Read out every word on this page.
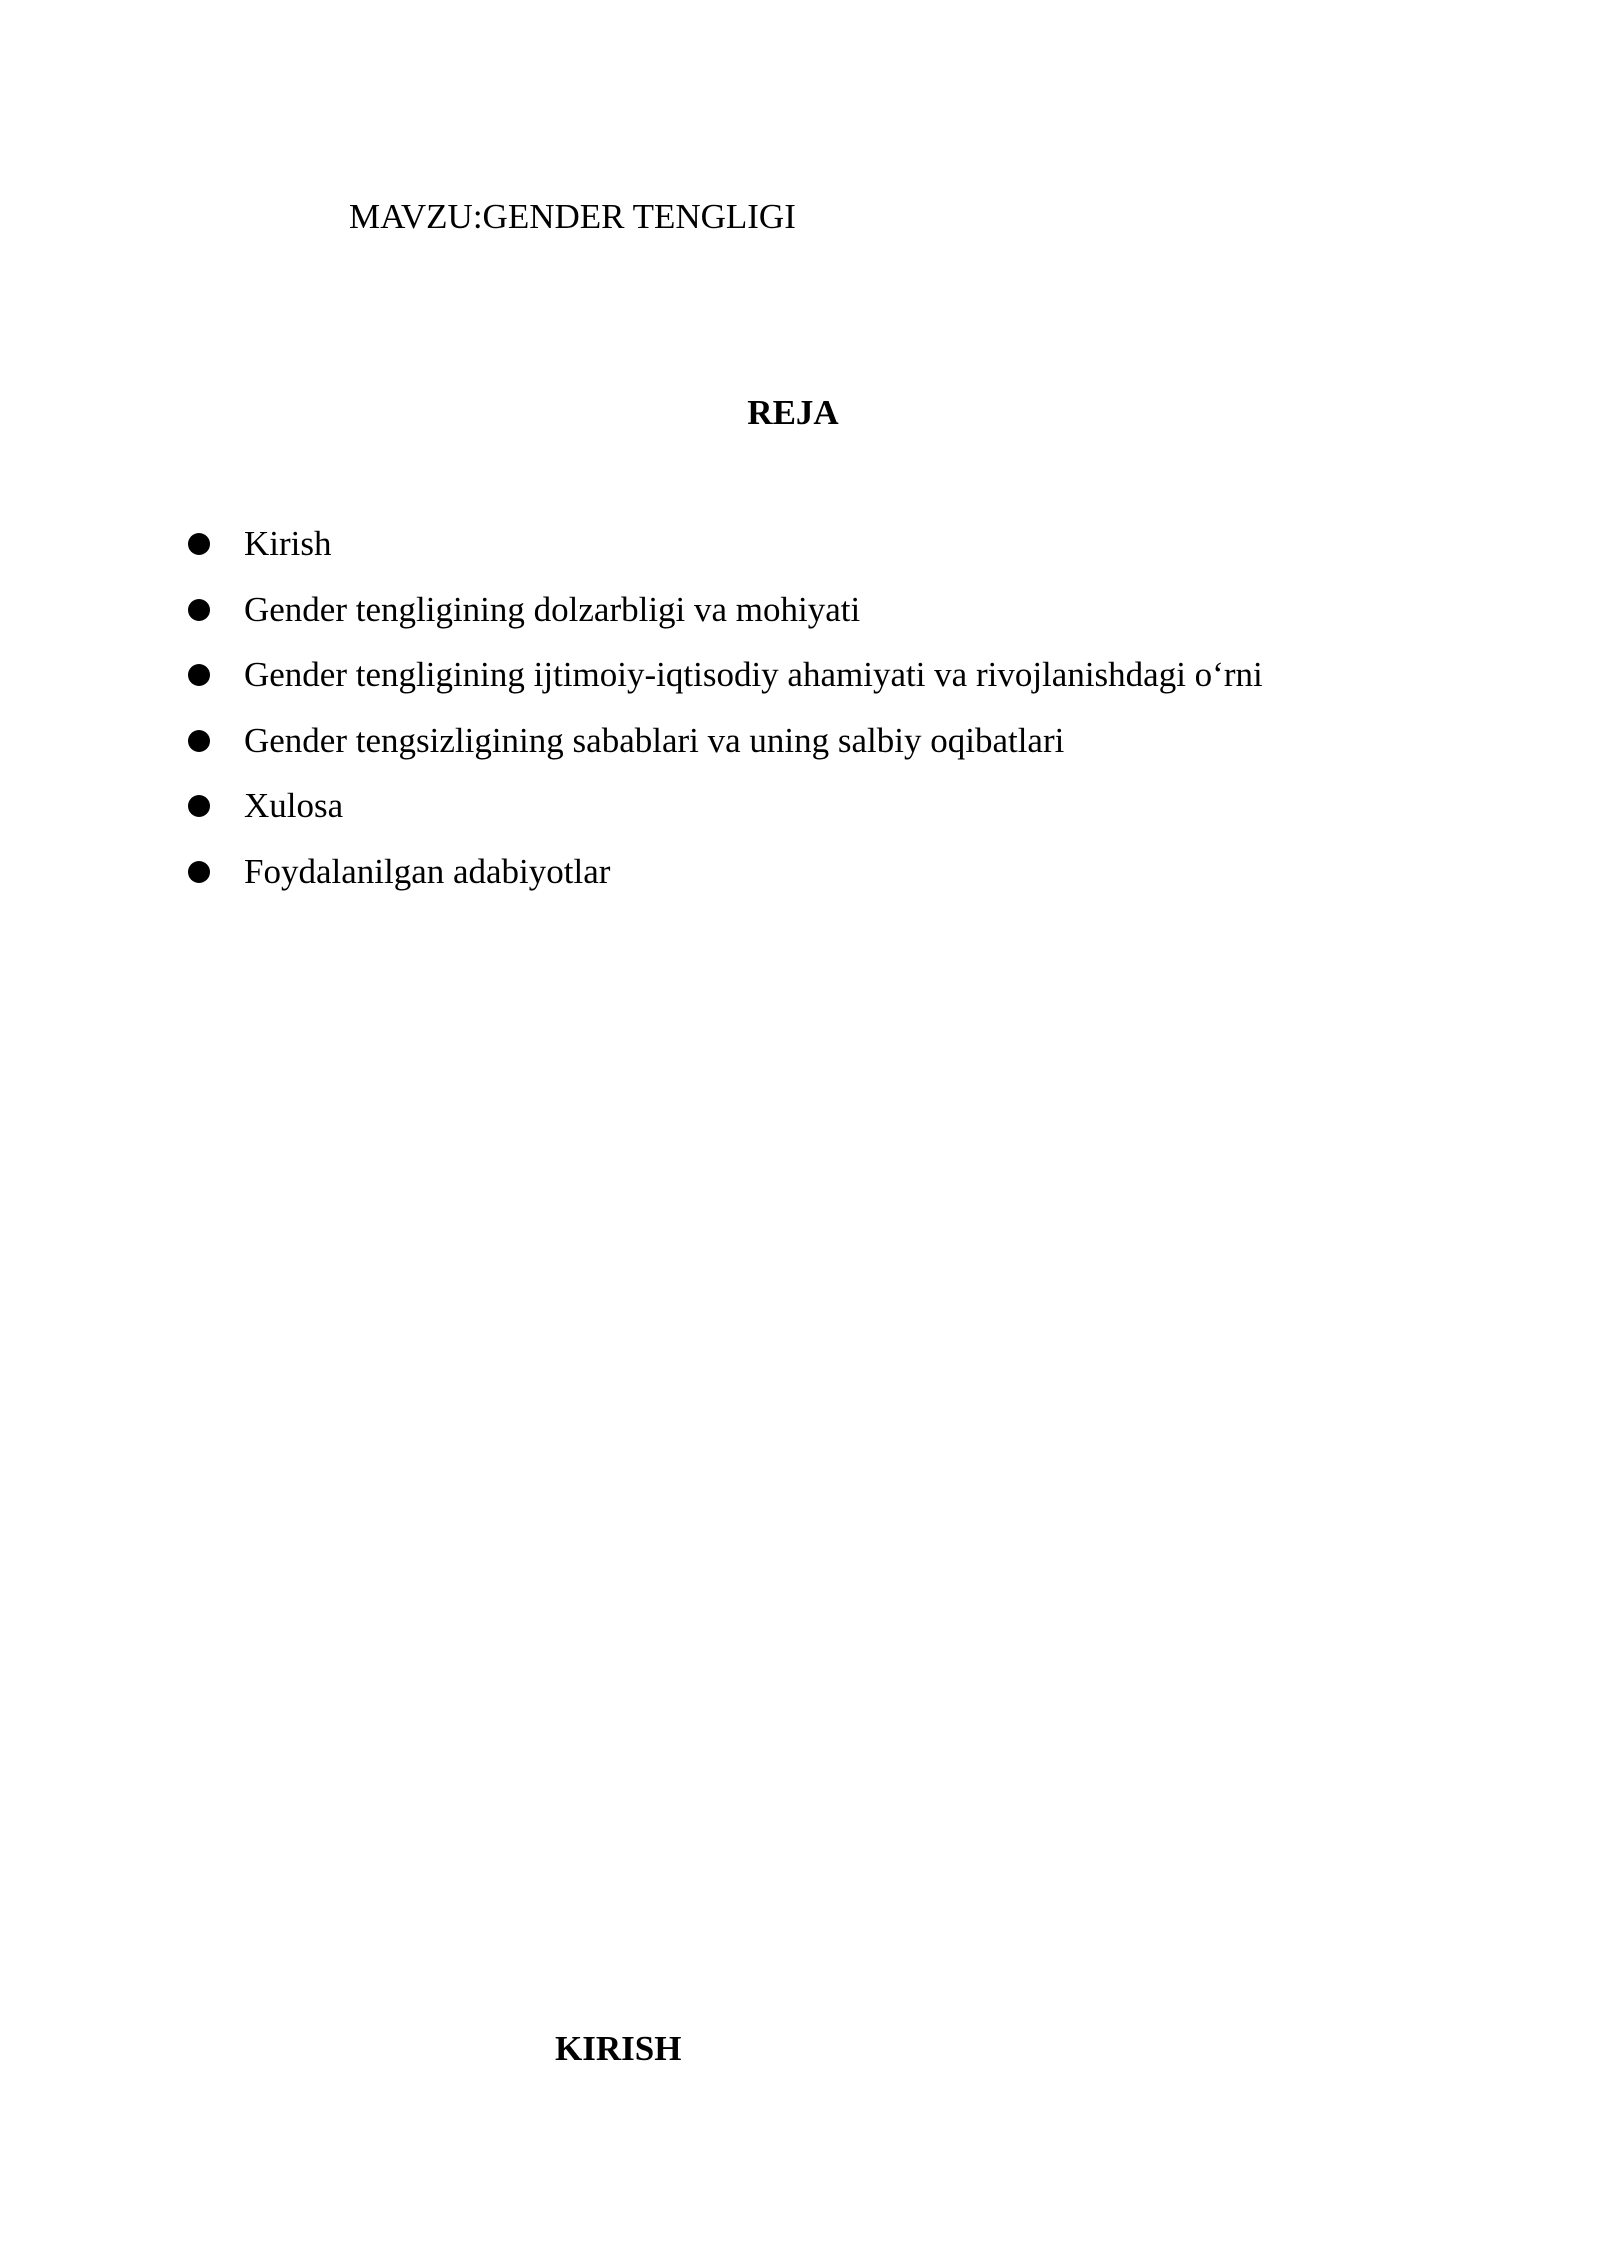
MAVZU:GENDER TENGLIGI
REJA
Kirish
Gender tengligining dolzarbligi va mohiyati
Gender tengligining ijtimoiy-iqtisodiy ahamiyati va rivojlanishdagi o‘rni
Gender tengsizligining sabablari va uning salbiy oqibatlari
Xulosa
Foydalanilgan adabiyotlar
KIRISH
